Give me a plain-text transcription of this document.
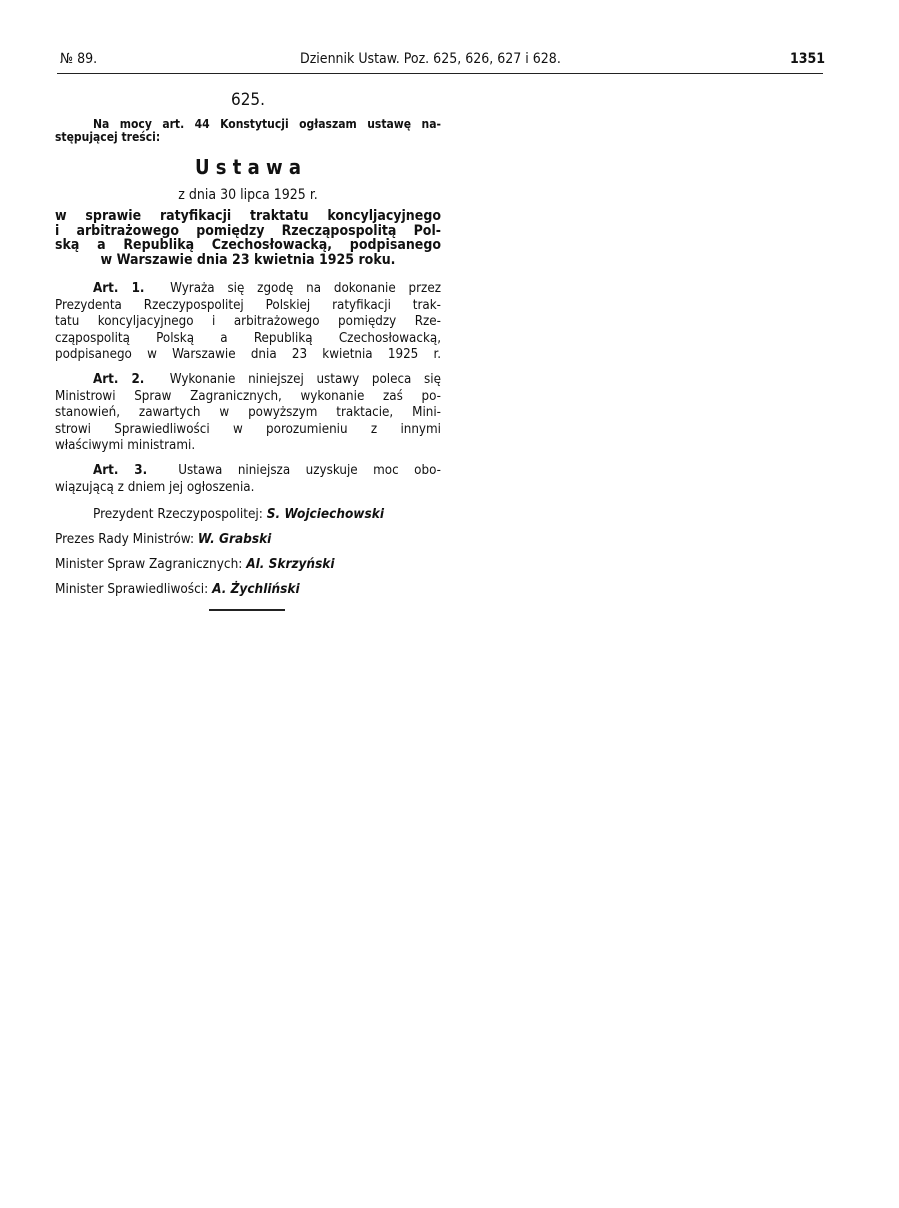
№ 89.	Dziennik Ustaw. Poz. 625, 626, 627 i 628.	1351
625.
Na mocy art. 44 Konstytucji ogłaszam ustawę na-
stępującej treści:
U s t a w a
z dnia 30 lipca 1925 r.
w sprawie ratyfikacji traktatu koncyljacyjnego
i arbitrażowego pomiędzy Rzecząpospolitą Pol-
ską a Republiką Czechosłowacką, podpisanego
w Warszawie dnia 23 kwietnia 1925 roku.
Art. 1. Wyraża się zgodę na dokonanie przez
Prezydenta Rzeczypospolitej Polskiej ratyfikacji trak-
tatu koncyljacyjnego i arbitrażowego pomiędzy Rze-
cząpospolitą Polską a Republiką Czechosłowacką,
podpisanego w Warszawie dnia 23 kwietnia 1925 r.
Art. 2. Wykonanie niniejszej ustawy poleca się
Ministrowi Spraw Zagranicznych, wykonanie zaś po-
stanowień, zawartych w powyższym traktacie, Mini-
strowi Sprawiedliwości w porozumieniu z innymi
właściwymi ministrami.
Art. 3. Ustawa niniejsza uzyskuje moc obo-
wiązującą z dniem jej ogłoszenia.
Prezydent Rzeczypospolitej: S. Wojciechowski
Prezes Rady Ministrów: W. Grabski
Minister Spraw Zagranicznych: Al. Skrzyński
Minister Sprawiedliwości: A. Żychliński
